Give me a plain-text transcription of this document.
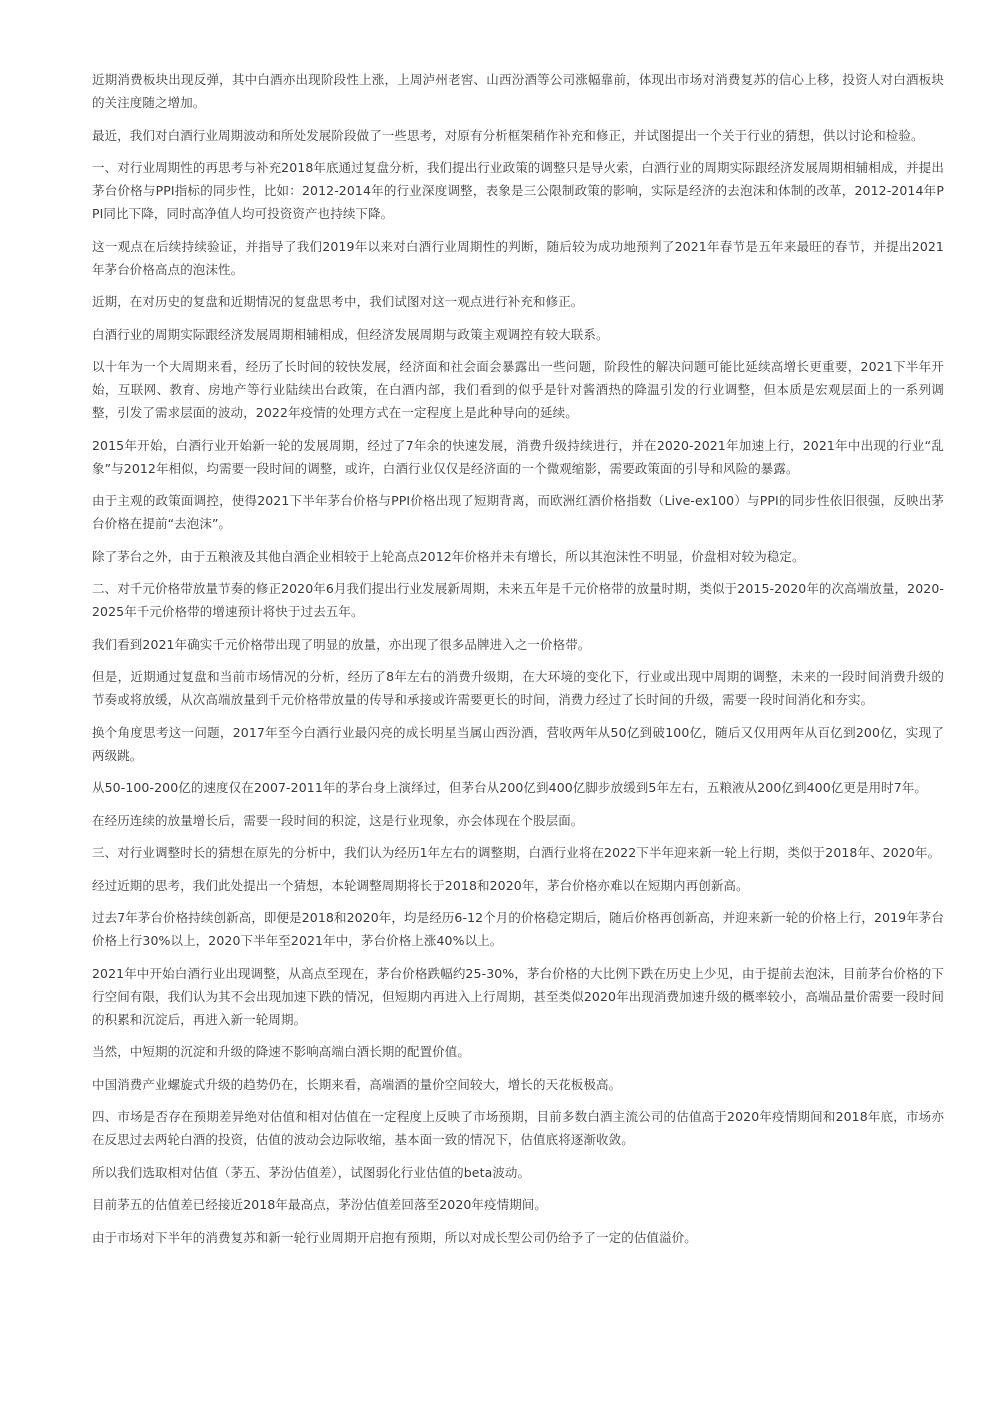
近期消费板块出现反弹，其中白酒亦出现阶段性上涨，上周泸州老窖、山西汾酒等公司涨幅靠前，体现出市场对消费复苏的信心上移，投资人对白酒板块的关注度随之增加。

最近，我们对白酒行业周期波动和所处发展阶段做了一些思考，对原有分析框架稍作补充和修正，并试图提出一个关于行业的猜想，供以讨论和检验。

一、对行业周期性的再思考与补充2018年底通过复盘分析，我们提出行业政策的调整只是导火索，白酒行业的周期实际跟经济发展周期相辅相成，并提出茅台价格与PPI指标的同步性，比如：2012-2014年的行业深度调整，表象是三公限制政策的影响，实际是经济的去泡沫和体制的改革，2012-2014年PPI同比下降，同时高净值人均可投资资产也持续下降。

这一观点在后续持续验证，并指导了我们2019年以来对白酒行业周期性的判断，随后较为成功地预判了2021年春节是五年来最旺的春节，并提出2021年茅台价格高点的泡沫性。

近期，在对历史的复盘和近期情况的复盘思考中，我们试图对这一观点进行补充和修正。

白酒行业的周期实际跟经济发展周期相辅相成，但经济发展周期与政策主观调控有较大联系。

以十年为一个大周期来看，经历了长时间的较快发展，经济面和社会面会暴露出一些问题，阶段性的解决问题可能比延续高增长更重要，2021下半年开始，互联网、教育、房地产等行业陆续出台政策，在白酒内部，我们看到的似乎是针对酱酒热的降温引发的行业调整，但本质是宏观层面上的一系列调整，引发了需求层面的波动，2022年疫情的处理方式在一定程度上是此种导向的延续。

2015年开始，白酒行业开始新一轮的发展周期，经过了7年余的快速发展，消费升级持续进行，并在2020-2021年加速上行，2021年中出现的行业“乱象”与2012年相似，均需要一段时间的调整，或许，白酒行业仅仅是经济面的一个微观缩影，需要政策面的引导和风险的暴露。

由于主观的政策面调控，使得2021下半年茅台价格与PPI价格出现了短期背离，而欧洲红酒价格指数（Live-ex100）与PPI的同步性依旧很强，反映出茅台价格在提前“去泡沫”。

除了茅台之外，由于五粮液及其他白酒企业相较于上轮高点2012年价格并未有增长，所以其泡沫性不明显，价盘相对较为稳定。

二、对千元价格带放量节奏的修正2020年6月我们提出行业发展新周期，未来五年是千元价格带的放量时期，类似于2015-2020年的次高端放量，2020-2025年千元价格带的增速预计将快于过去五年。

我们看到2021年确实千元价格带出现了明显的放量，亦出现了很多品牌进入之一价格带。

但是，近期通过复盘和当前市场情况的分析，经历了8年左右的消费升级期，在大环境的变化下，行业或出现中周期的调整，未来的一段时间消费升级的节奏或将放缓，从次高端放量到千元价格带放量的传导和承接或许需要更长的时间，消费力经过了长时间的升级，需要一段时间消化和夯实。

换个角度思考这一问题，2017年至今白酒行业最闪亮的成长明星当属山西汾酒，营收两年从50亿到破100亿，随后又仅用两年从百亿到200亿，实现了两级跳。

从50-100-200亿的速度仅在2007-2011年的茅台身上演绎过，但茅台从200亿到400亿脚步放缓到5年左右，五粮液从200亿到400亿更是用时7年。

在经历连续的放量增长后，需要一段时间的积淀，这是行业现象，亦会体现在个股层面。

三、对行业调整时长的猜想在原先的分析中，我们认为经历1年左右的调整期，白酒行业将在2022下半年迎来新一轮上行期，类似于2018年、2020年。

经过近期的思考，我们此处提出一个猜想，本轮调整周期将长于2018和2020年，茅台价格亦难以在短期内再创新高。

过去7年茅台价格持续创新高，即便是2018和2020年，均是经历6-12个月的价格稳定期后，随后价格再创新高，并迎来新一轮的价格上行，2019年茅台价格上行30%以上，2020下半年至2021年中，茅台价格上涨40%以上。

2021年中开始白酒行业出现调整，从高点至现在，茅台价格跌幅约25-30%，茅台价格的大比例下跌在历史上少见，由于提前去泡沫，目前茅台价格的下行空间有限，我们认为其不会出现加速下跌的情况，但短期内再进入上行周期，甚至类似2020年出现消费加速升级的概率较小，高端品量价需要一段时间的积累和沉淀后，再进入新一轮周期。

当然，中短期的沉淀和升级的降速不影响高端白酒长期的配置价值。

中国消费产业螺旋式升级的趋势仍在，长期来看，高端酒的量价空间较大，增长的天花板极高。

四、市场是否存在预期差异绝对估值和相对估值在一定程度上反映了市场预期，目前多数白酒主流公司的估值高于2020年疫情期间和2018年底，市场亦在反思过去两轮白酒的投资，估值的波动会边际收缩，基本面一致的情况下，估值底将逐渐收敛。

所以我们选取相对估值（茅五、茅汾估值差），试图弱化行业估值的beta波动。

目前茅五的估值差已经接近2018年最高点，茅汾估值差回落至2020年疫情期间。

由于市场对下半年的消费复苏和新一轮行业周期开启抱有预期，所以对成长型公司仍给予了一定的估值溢价。
